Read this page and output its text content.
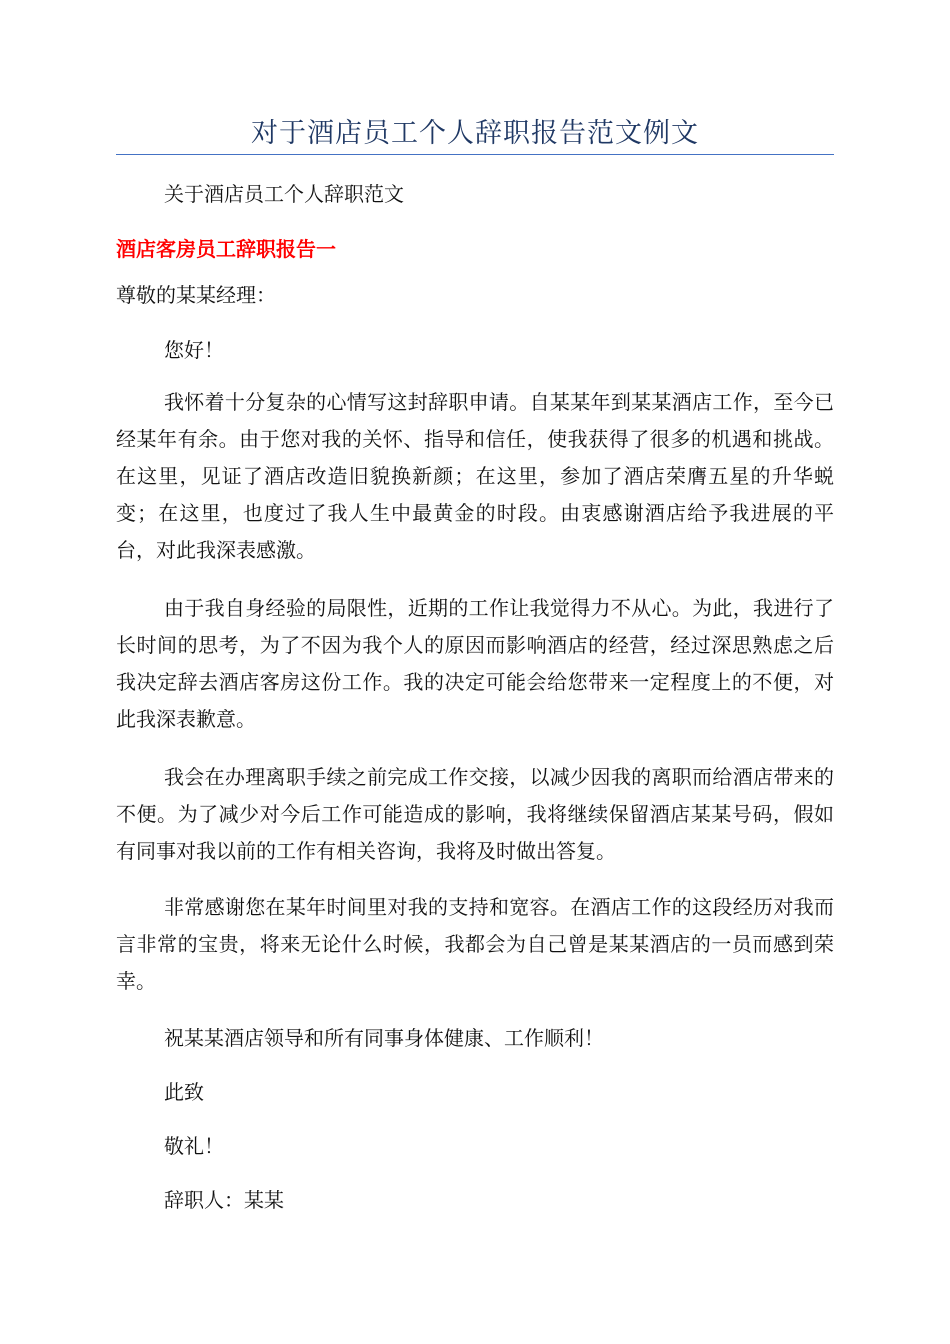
对于酒店员工个人辞职报告范文例文
关于酒店员工个人辞职范文
酒店客房员工辞职报告一
尊敬的某某经理：
您好！
我怀着十分复杂的心情写这封辞职申请。自某某年到某某酒店工作，至今已经某年有余。由于您对我的关怀、指导和信任，使我获得了很多的机遇和挑战。在这里，见证了酒店改造旧貌换新颜；在这里，参加了酒店荣膺五星的升华蜕变；在这里，也度过了我人生中最黄金的时段。由衷感谢酒店给予我进展的平台，对此我深表感激。
由于我自身经验的局限性，近期的工作让我觉得力不从心。为此，我进行了长时间的思考，为了不因为我个人的原因而影响酒店的经营，经过深思熟虑之后我决定辞去酒店客房这份工作。我的决定可能会给您带来一定程度上的不便，对此我深表歉意。
我会在办理离职手续之前完成工作交接，以减少因我的离职而给酒店带来的不便。为了减少对今后工作可能造成的影响，我将继续保留酒店某某号码，假如有同事对我以前的工作有相关咨询，我将及时做出答复。
非常感谢您在某年时间里对我的支持和宽容。在酒店工作的这段经历对我而言非常的宝贵，将来无论什么时候，我都会为自己曾是某某酒店的一员而感到荣幸。
祝某某酒店领导和所有同事身体健康、工作顺利！
此致
敬礼！
辞职人：某某
